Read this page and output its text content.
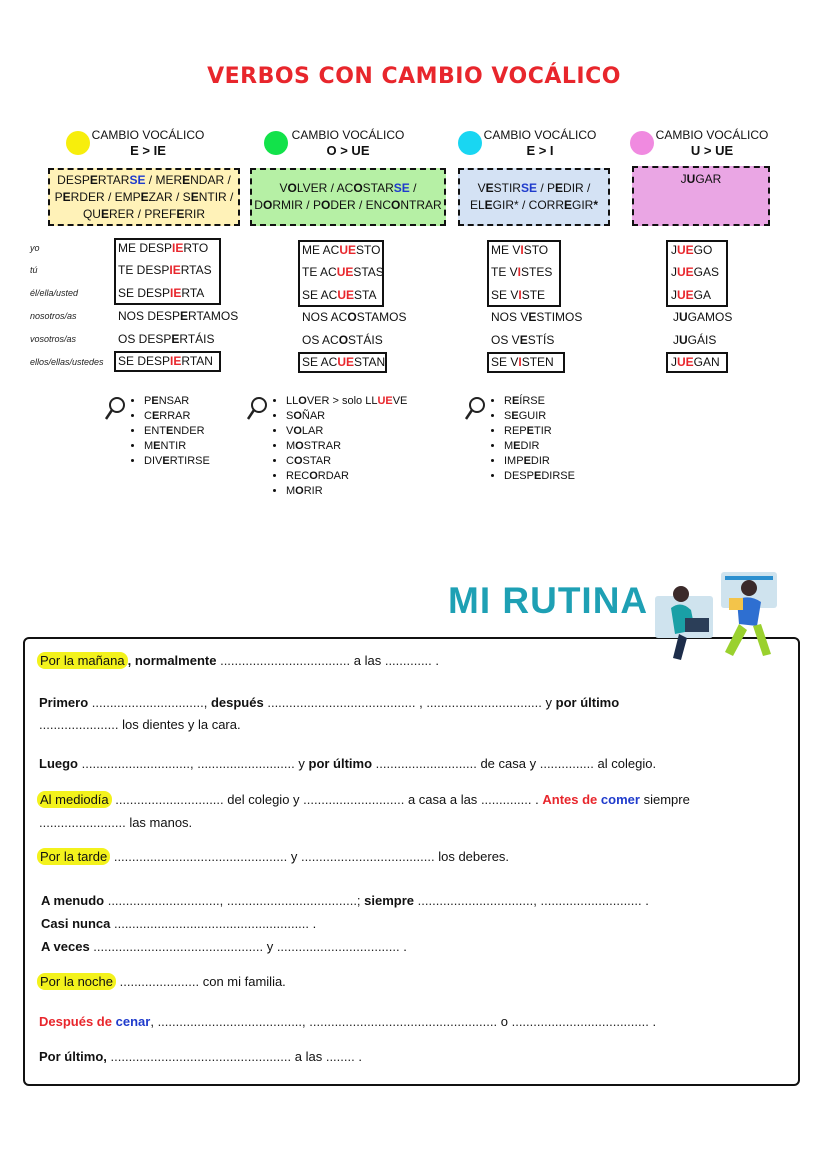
VERBOS CON CAMBIO VOCÁLICO
CAMBIO VOCÁLICO
E > IE
CAMBIO VOCÁLICO
O > UE
CAMBIO VOCÁLICO
E > I
CAMBIO VOCÁLICO
U > UE
DESPERTARSE / MERENDAR /
PERDER / EMPEZAR / SENTIR /
QUERER / PREFERIR
VOLVER / ACOSTARSE /
DORMIR / PODER / ENCONTRAR
VESTIRSE / PEDIR /
ELEGIR* / CORREGIR*
JUGAR
yo
tú
él/ella/usted
nosotros/as
vosotros/as
ellos/ellas/ustedes
ME DESPIERTO
TE DESPIERTAS
SE DESPIERTA
NOS DESPERTAMOS
OS DESPERTÁIS
SE DESPIERTAN
ME ACUESTO
TE ACUESTAS
SE ACUESTA
NOS ACOSTAMOS
OS ACOSTÁIS
SE ACUESTAN
ME VISTO
TE VISTES
SE VISTE
NOS VESTIMOS
OS VESTÍS
SE VISTEN
JUEGO
JUEGAS
JUEGA
JUGAMOS
JUGÁIS
JUEGAN
• PENSAR
• CERRAR
• ENTENDER
• MENTIR
• DIVERTIRSE
• LLOVER > solo LLUEVE
• SOÑAR
• VOLAR
• MOSTRAR
• COSTAR
• RECORDAR
• MORIR
• REÍRSE
• SEGUIR
• REPETIR
• MEDIR
• IMPEDIR
• DESPEDIRSE
MI RUTINA
Por la mañana , normalmente .................................... a las ............. .
Primero ..............................., después ......................................... , ................................ y por último
...................... los dientes y la cara.
Luego .............................., ........................... y por último ............................ de casa y ............... al colegio.
Al mediodía .............................. del colegio y ............................ a casa a las .............. . Antes de comer siempre
........................ las manos.
Por la tarde ................................................ y ..................................... los deberes.
A menudo ..............................., ....................................; siempre ................................, ............................ .
Casi nunca ...................................................... .
A veces ............................................... y .................................. .
Por la noche ...................... con mi familia.
Después de cenar, ........................................, .................................................... o ...................................... .
Por último, .................................................. a las ........ .
